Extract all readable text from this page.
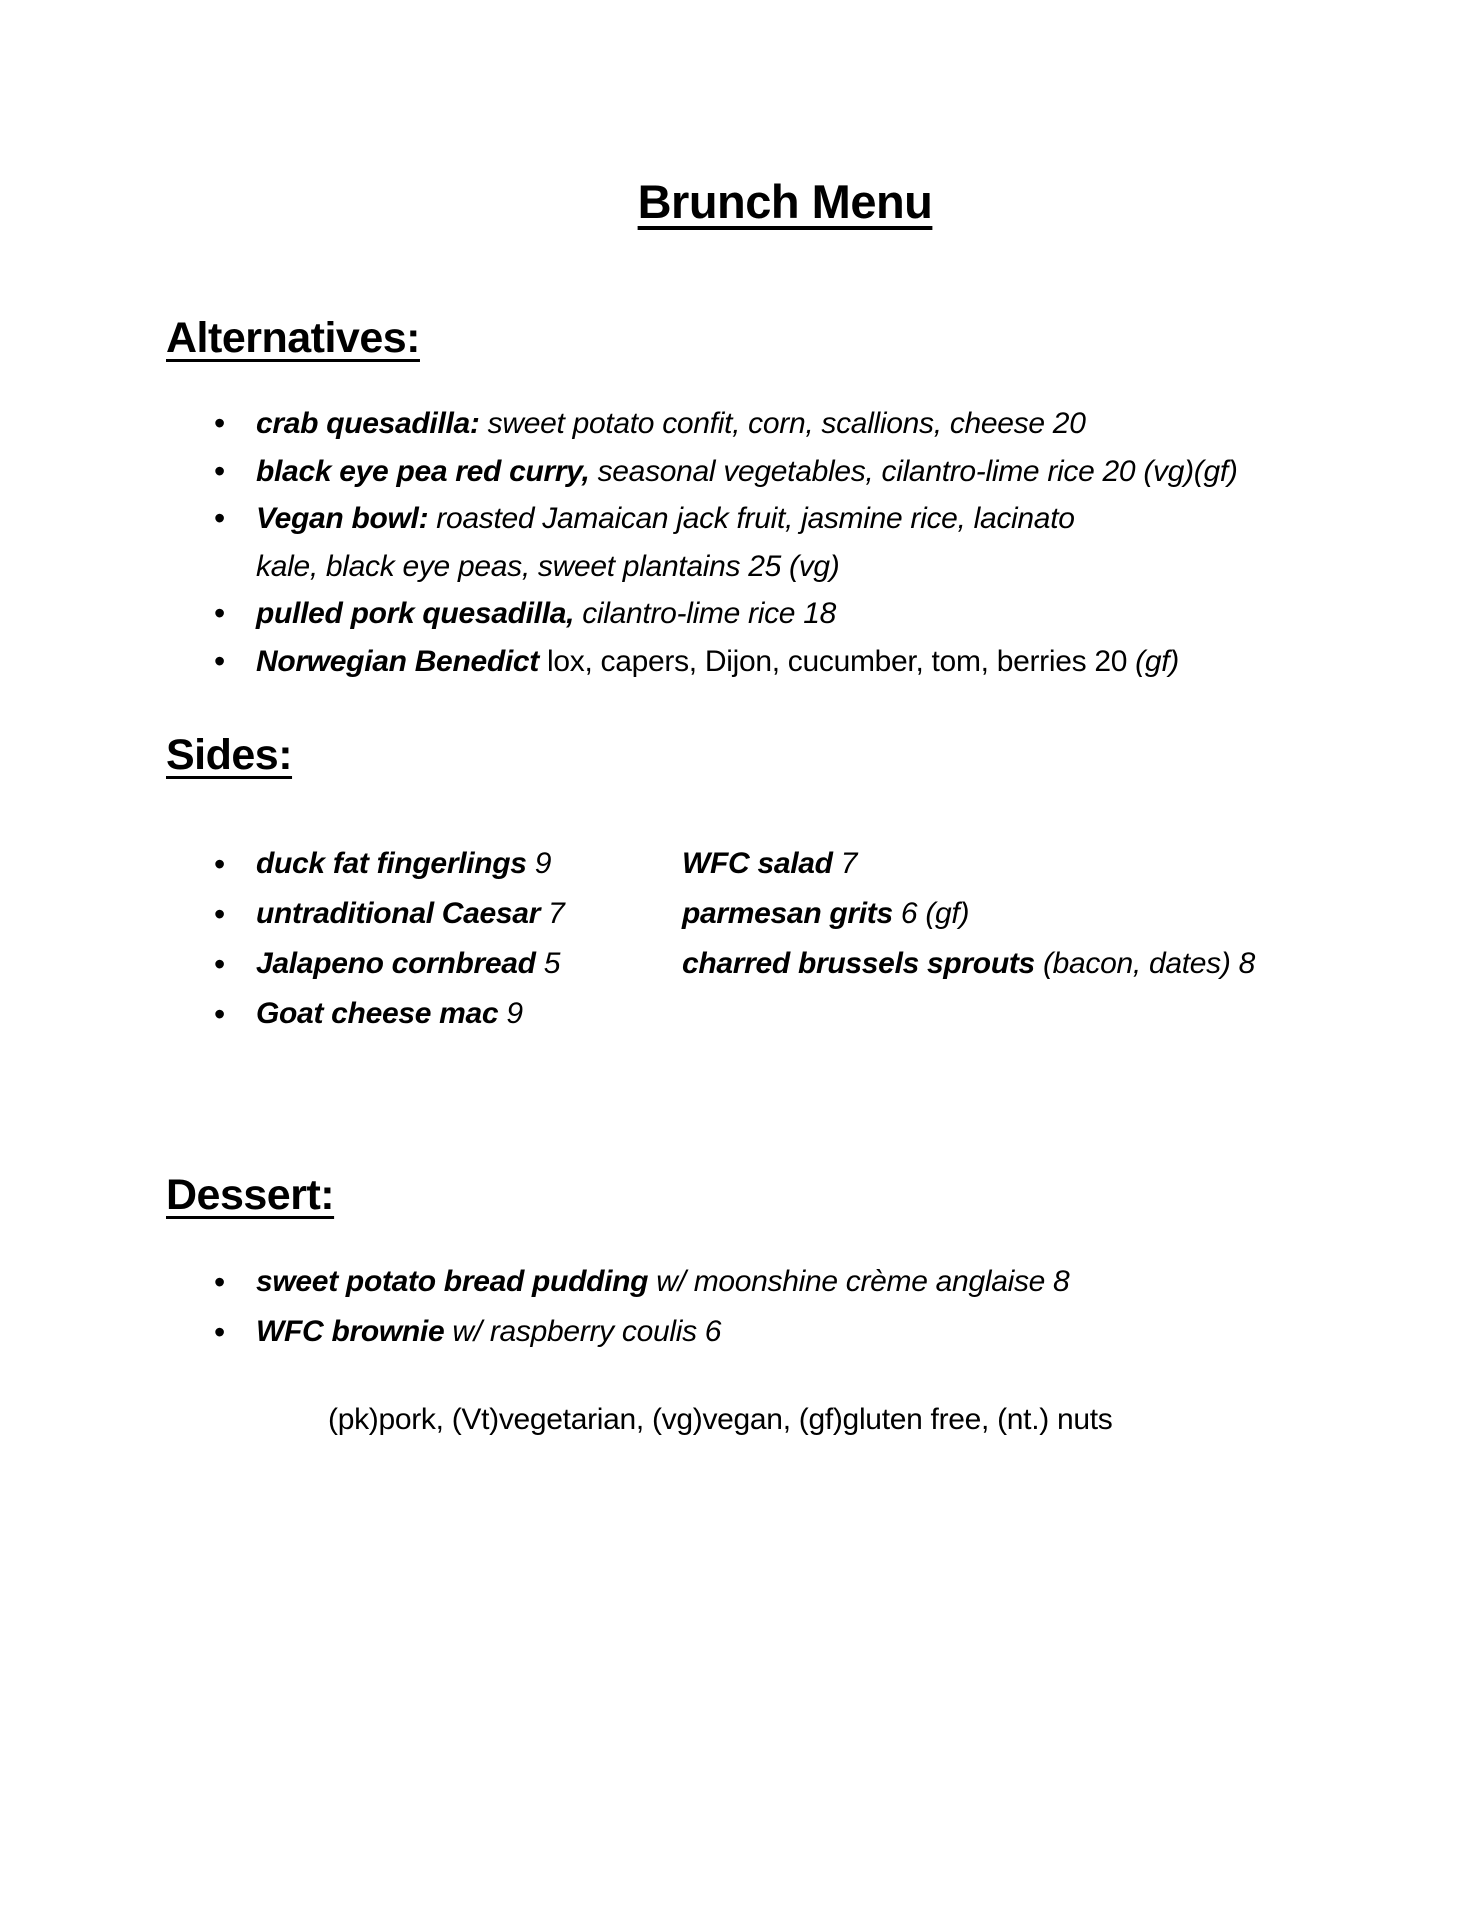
Brunch Menu
Alternatives:
• crab quesadilla: sweet potato confit, corn, scallions, cheese 20
• black eye pea red curry, seasonal vegetables, cilantro-lime rice 20 (vg)(gf)
• Vegan bowl: roasted Jamaican jack fruit, jasmine rice, lacinato
kale, black eye peas, sweet plantains 25 (vg)
• pulled pork quesadilla, cilantro-lime rice 18
• Norwegian Benedict lox, capers, Dijon, cucumber, tom, berries 20 (gf)
Sides:
• duck fat fingerlings 9	WFC salad 7
• untraditional Caesar 7	parmesan grits 6 (gf)
• Jalapeno cornbread 5	charred brussels sprouts (bacon, dates) 8
• Goat cheese mac 9
Dessert:
• sweet potato bread pudding w/ moonshine crème anglaise 8
• WFC brownie w/ raspberry coulis 6
(pk)pork, (Vt)vegetarian, (vg)vegan, (gf)gluten free, (nt.) nuts
